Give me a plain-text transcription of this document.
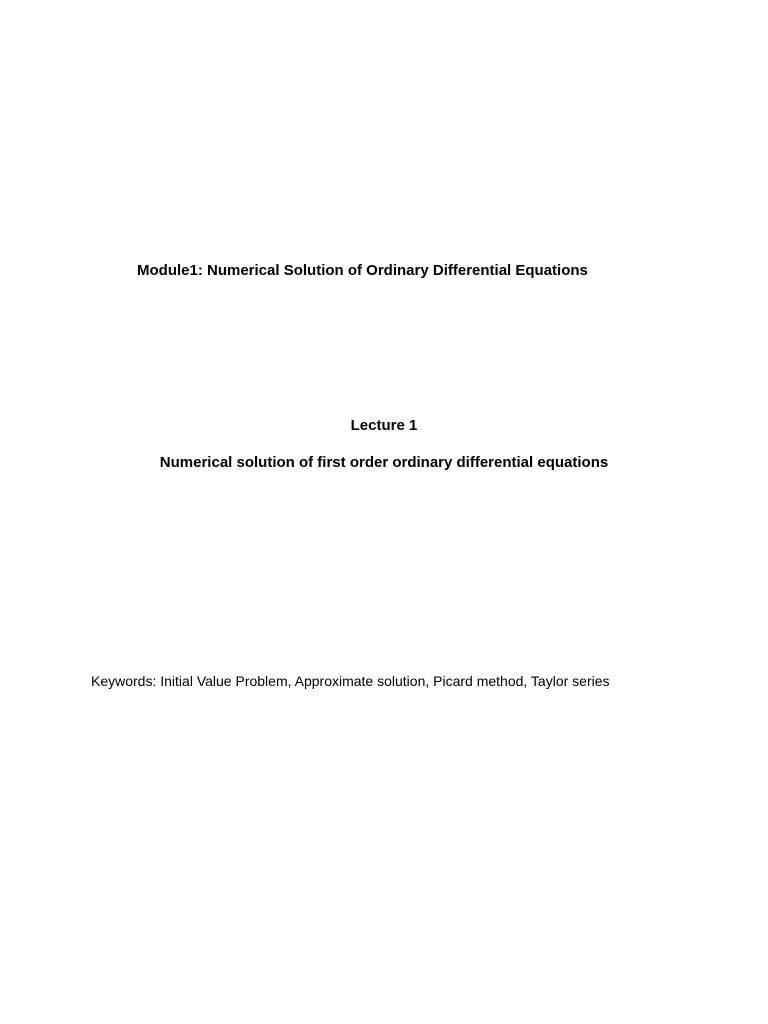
Module1: Numerical Solution of Ordinary Differential Equations
Lecture 1
Numerical solution of first order ordinary differential equations
Keywords: Initial Value Problem, Approximate solution, Picard method, Taylor series
